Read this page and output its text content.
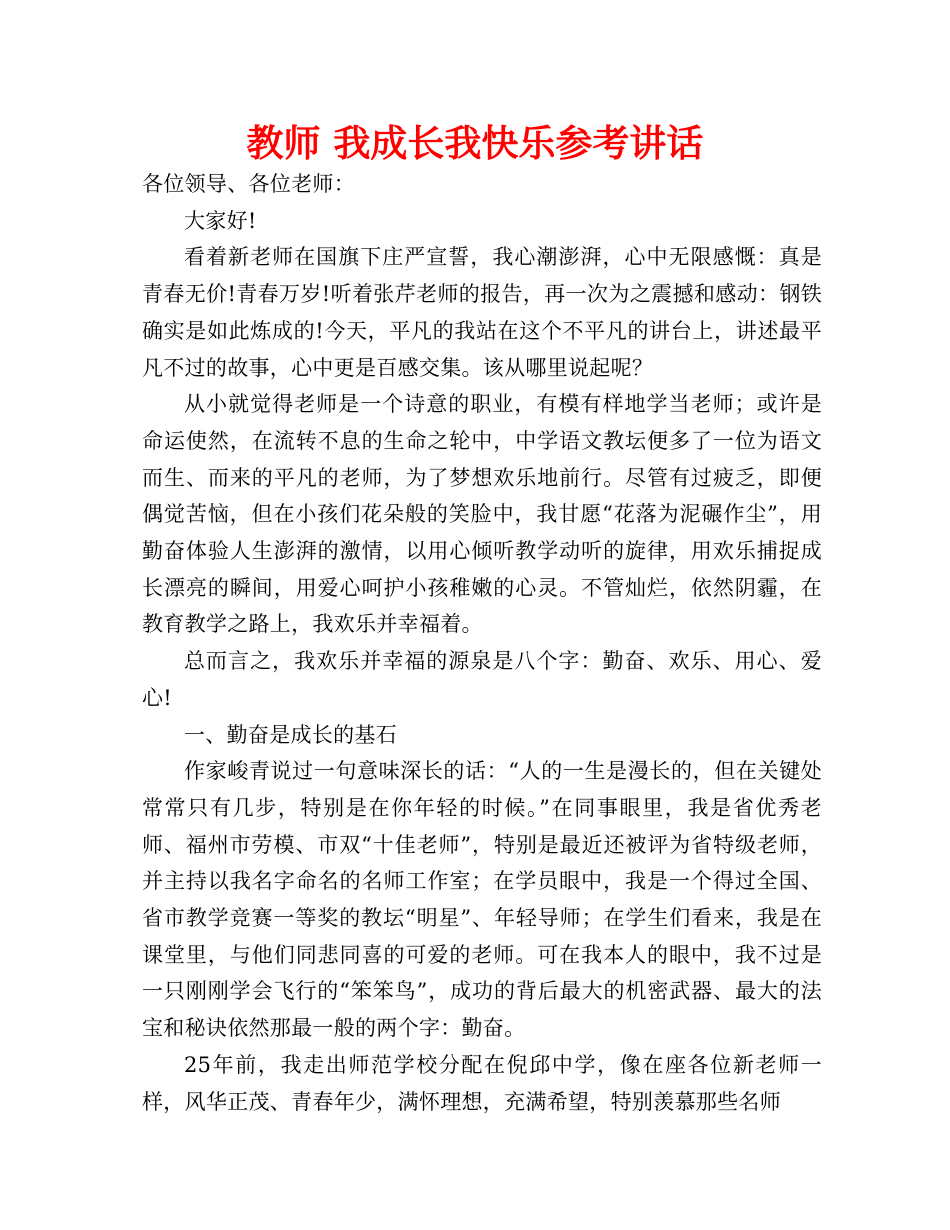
教师 我成长我快乐参考讲话

各位领导、各位老师：

大家好!

看着新老师在国旗下庄严宣誓，我心潮澎湃，心中无限感慨：真是青春无价!青春万岁!听着张芹老师的报告，再一次为之震撼和感动：钢铁确实是如此炼成的!今天，平凡的我站在这个不平凡的讲台上，讲述最平凡不过的故事，心中更是百感交集。该从哪里说起呢？

从小就觉得老师是一个诗意的职业，有模有样地学当老师；或许是命运使然，在流转不息的生命之轮中，中学语文教坛便多了一位为语文而生、而来的平凡的老师，为了梦想欢乐地前行。尽管有过疲乏，即便偶觉苦恼，但在小孩们花朵般的笑脸中，我甘愿“花落为泥碾作尘”，用勤奋体验人生澎湃的激情，以用心倾听教学动听的旋律，用欢乐捕捉成长漂亮的瞬间，用爱心呵护小孩稚嫩的心灵。不管灿烂，依然阴霾，在教育教学之路上，我欢乐并幸福着。

总而言之，我欢乐并幸福的源泉是八个字：勤奋、欢乐、用心、爱心!

一、勤奋是成长的基石

作家峻青说过一句意味深长的话：“人的一生是漫长的，但在关键处常常只有几步，特别是在你年轻的时候。”在同事眼里，我是省优秀老师、福州市劳模、市双“十佳老师”，特别是最近还被评为省特级老师，并主持以我名字命名的名师工作室；在学员眼中，我是一个得过全国、省市教学竞赛一等奖的教坛“明星”、年轻导师；在学生们看来，我是在课堂里，与他们同悲同喜的可爱的老师。可在我本人的眼中，我不过是一只刚刚学会飞行的“笨笨鸟”，成功的背后最大的机密武器、最大的法宝和秘诀依然那最一般的两个字：勤奋。

25年前，我走出师范学校分配在倪邱中学，像在座各位新老师一样，风华正茂、青春年少，满怀理想，充满希望，特别羡慕那些名师
